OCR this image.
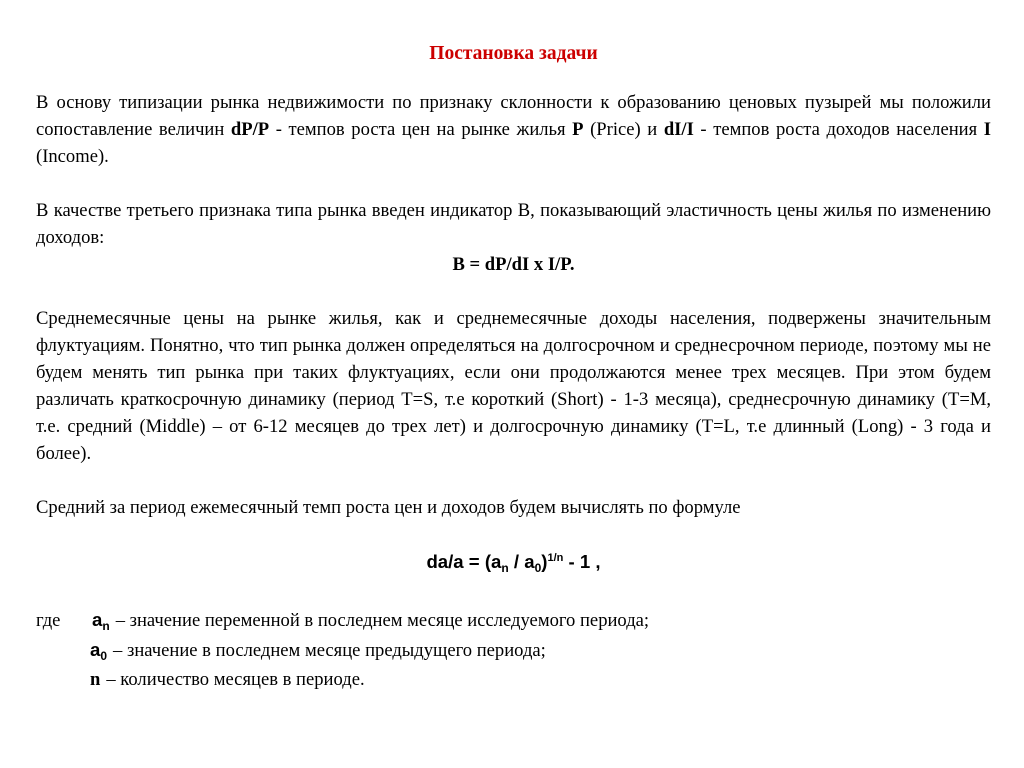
Постановка задачи

В основу типизации рынка недвижимости по признаку склонности к образованию ценовых пузырей мы положили сопоставление величин dP/P - темпов роста цен на рынке жилья P (Price) и dI/I - темпов роста доходов населения I (Income).

В качестве третьего признака типа рынка введен индикатор В, показывающий эластичность цены жилья по изменению доходов:

B = dP/dI x I/P.

Среднемесячные цены на рынке жилья, как и среднемесячные доходы населения, подвержены значительным флуктуациям. Понятно, что тип рынка должен определяться на долгосрочном и среднесрочном периоде, поэтому мы не будем менять тип рынка при таких флуктуациях, если они продолжаются менее трех месяцев. При этом будем различать краткосрочную динамику (период T=S, т.е короткий (Short) - 1-3 месяца), среднесрочную динамику (T=M, т.е. средний (Middle) – от 6-12 месяцев до трех лет) и долгосрочную динамику (T=L, т.е длинный (Long) - 3 года и более).

Средний за период ежемесячный темп роста цен и доходов будем вычислять по формуле

$da/a = (a_n / a_0)^{1/n} - 1$ ,

где	$a_n$ – значение переменной в последнем месяце исследуемого периода;
$a_0$ – значение в последнем месяце предыдущего периода;
n – количество месяцев в периоде.
